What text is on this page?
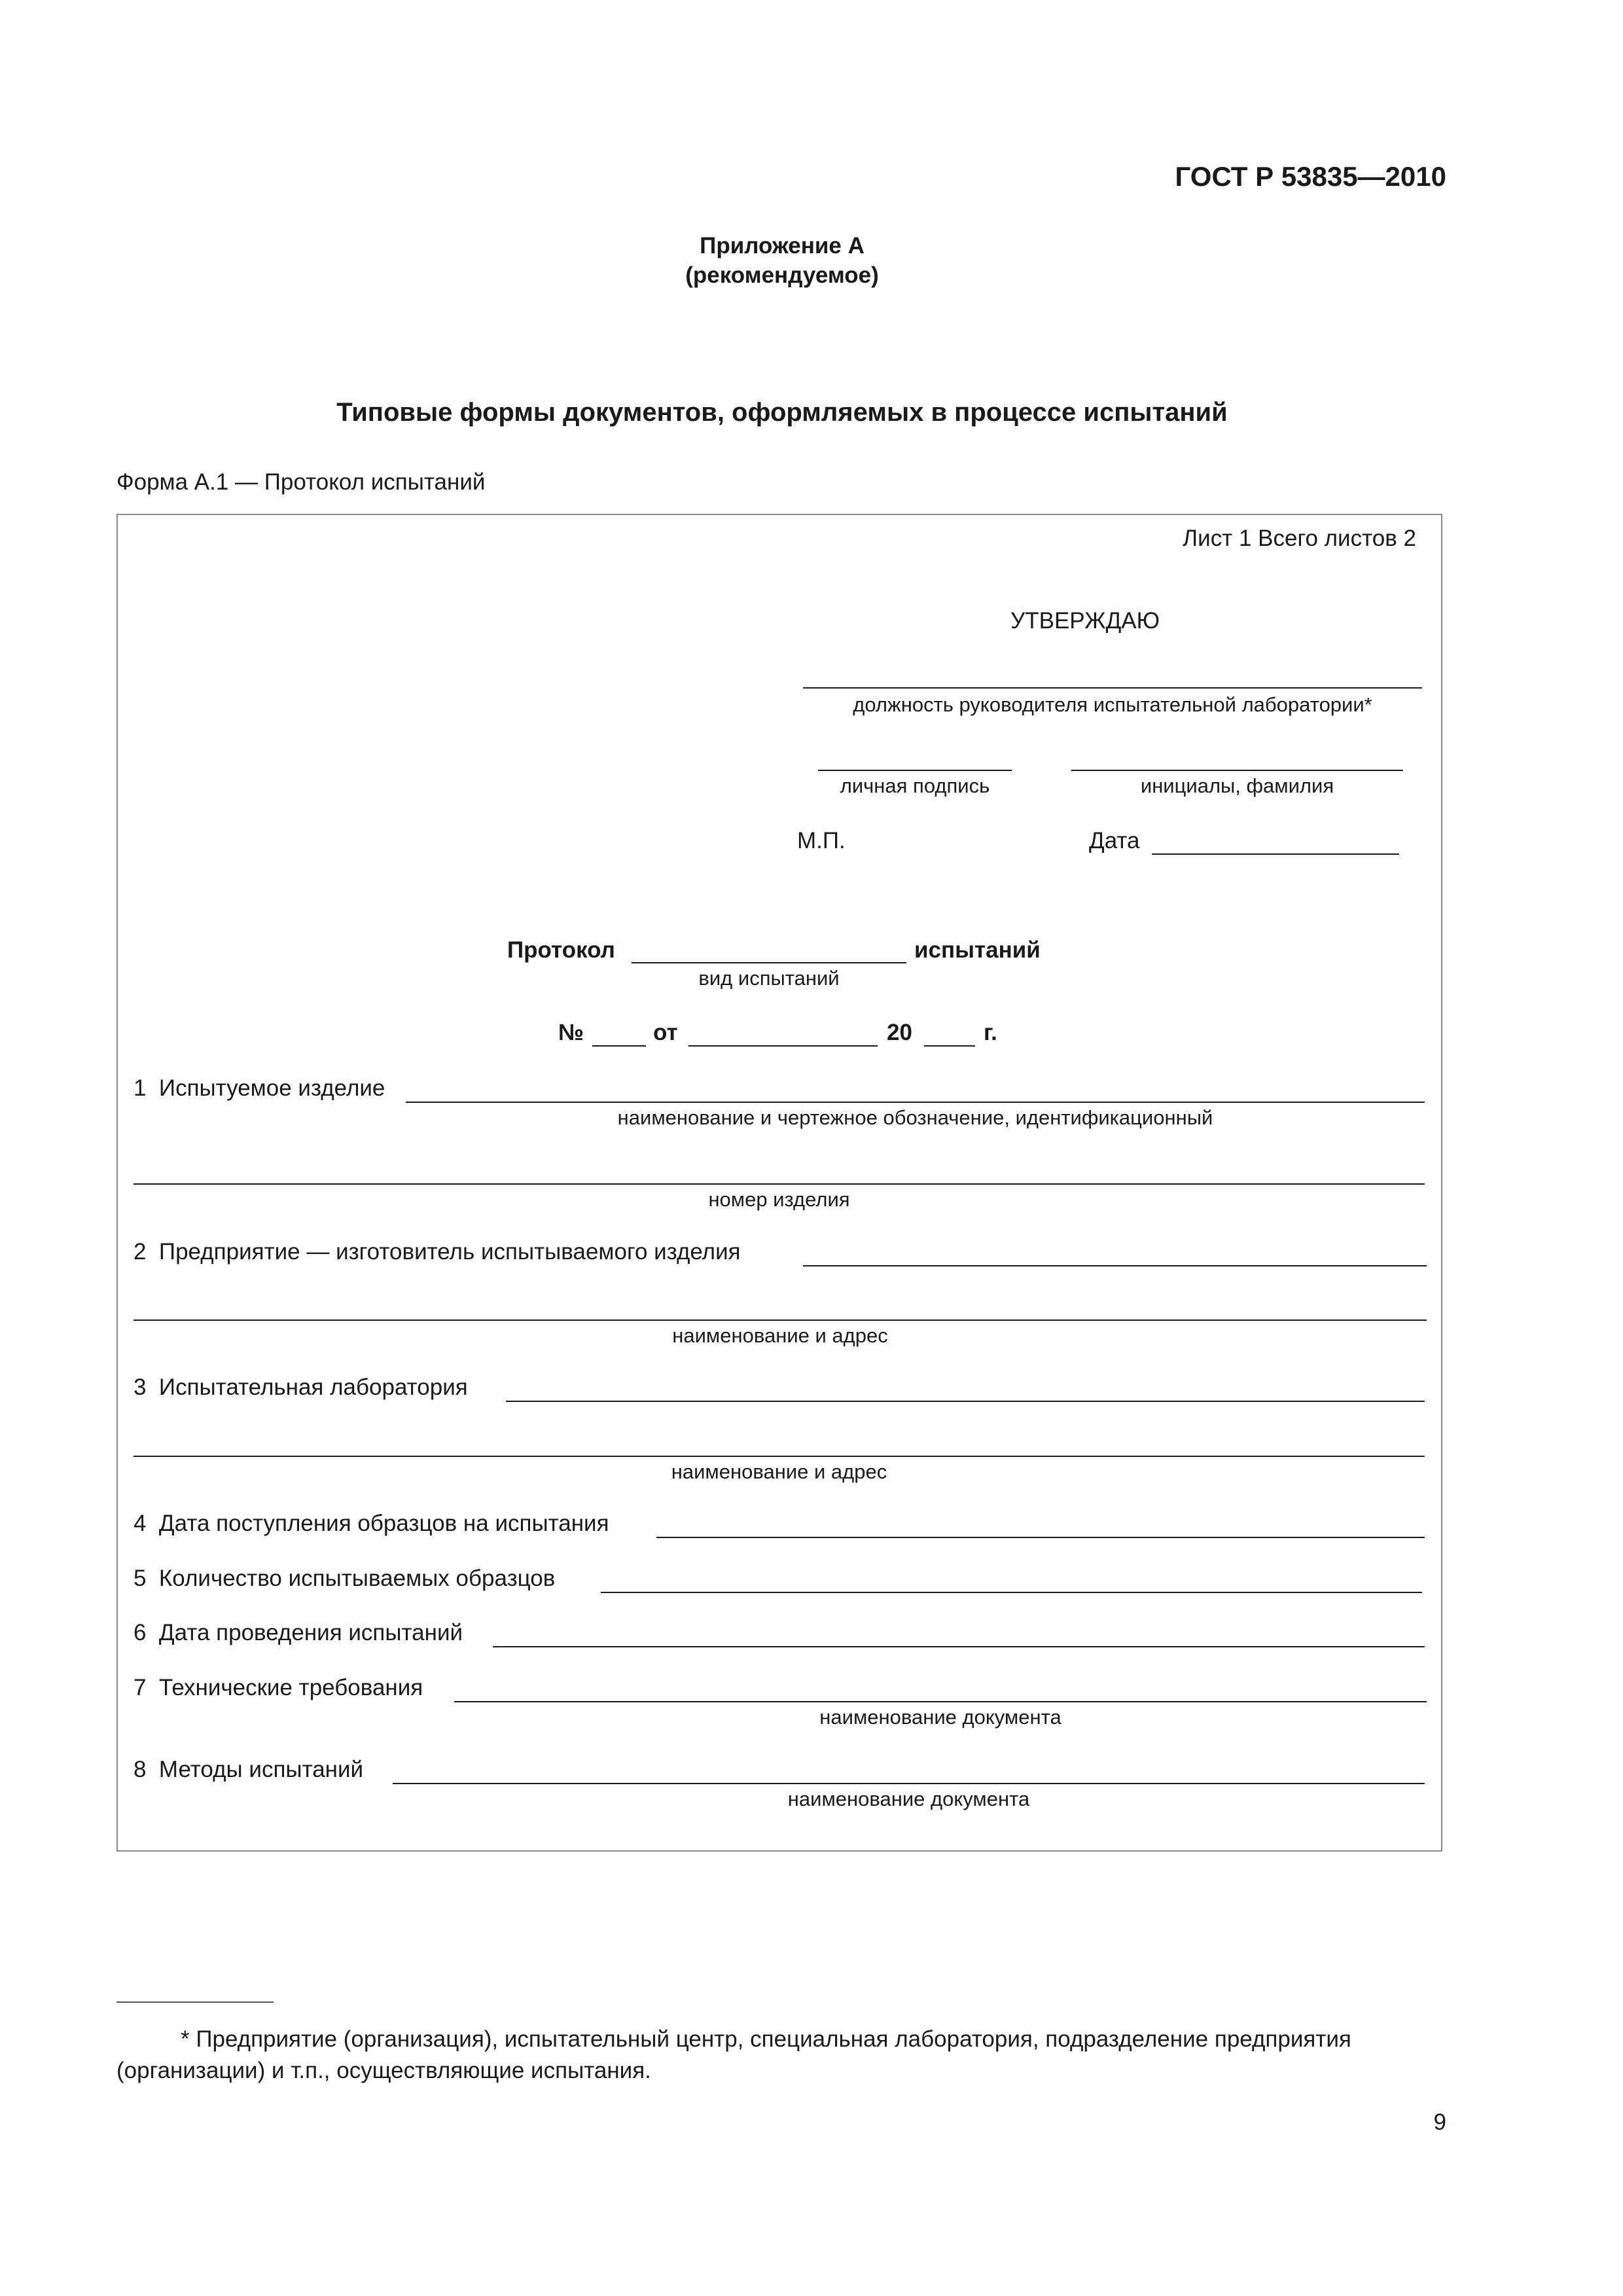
ГОСТ Р 53835—2010
Приложение А
(рекомендуемое)
Типовые формы документов, оформляемых в процессе испытаний
Форма А.1 — Протокол испытаний
Лист 1 Всего листов 2
УТВЕРЖДАЮ
должность руководителя испытательной лаборатории*
личная подпись	инициалы, фамилия
М.П.	Дата
Протокол	испытаний
вид испытаний
№	от	20	г.
1 Испытуемое изделие
наименование и чертежное обозначение, идентификационный
номер изделия
2 Предприятие — изготовитель испытываемого изделия
наименование и адрес
3 Испытательная лаборатория
наименование и адрес
4 Дата поступления образцов на испытания
5 Количество испытываемых образцов
6 Дата проведения испытаний
7 Технические требования
наименование документа
8 Методы испытаний
наименование документа
* Предприятие (организация), испытательный центр, специальная лаборатория, подразделение предприятия
(организации) и т.п., осуществляющие испытания.
9
